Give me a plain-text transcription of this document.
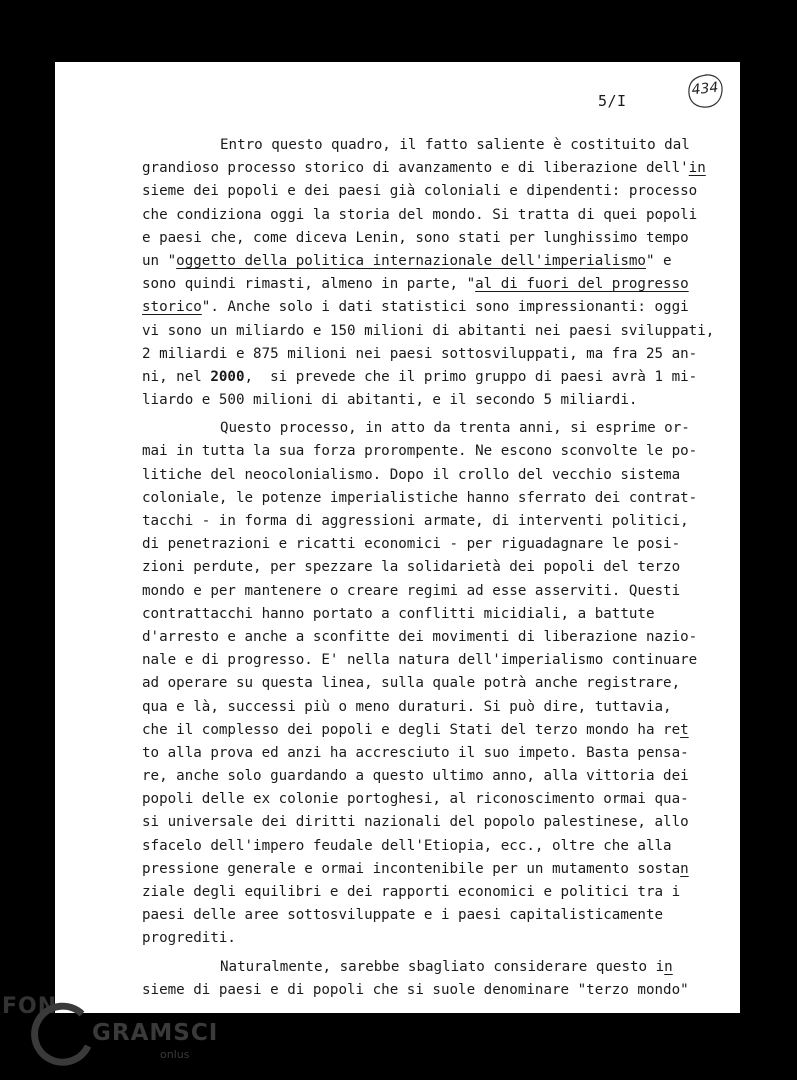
5/I
434
Entro questo quadro, il fatto saliente è costituito dal
grandioso processo storico di avanzamento e di liberazione dell'in
sieme dei popoli e dei paesi già coloniali e dipendenti: processo
che condiziona oggi la storia del mondo. Si tratta di quei popoli
e paesi che, come diceva Lenin, sono stati per lunghissimo tempo
un "oggetto della politica internazionale dell'imperialismo" e
sono quindi rimasti, almeno in parte, "al di fuori del progresso
storico". Anche solo i dati statistici sono impressionanti: oggi
vi sono un miliardo e 150 milioni di abitanti nei paesi sviluppati,
2 miliardi e 875 milioni nei paesi sottosviluppati, ma fra 25 an-
ni, nel 2000,  si prevede che il primo gruppo di paesi avrà 1 mi-
liardo e 500 milioni di abitanti, e il secondo 5 miliardi.
Questo processo, in atto da trenta anni, si esprime or-
mai in tutta la sua forza prorompente. Ne escono sconvolte le po-
litiche del neocolonialismo. Dopo il crollo del vecchio sistema
coloniale, le potenze imperialistiche hanno sferrato dei contrat-
tacchi - in forma di aggressioni armate, di interventi politici,
di penetrazioni e ricatti economici - per riguadagnare le posi-
zioni perdute, per spezzare la solidarietà dei popoli del terzo
mondo e per mantenere o creare regimi ad esse asserviti. Questi
contrattacchi hanno portato a conflitti micidiali, a battute
d'arresto e anche a sconfitte dei movimenti di liberazione nazio-
nale e di progresso. E' nella natura dell'imperialismo continuare
ad operare su questa linea, sulla quale potrà anche registrare,
qua e là, successi più o meno duraturi. Si può dire, tuttavia,
che il complesso dei popoli e degli Stati del terzo mondo ha ret
to alla prova ed anzi ha accresciuto il suo impeto. Basta pensa-
re, anche solo guardando a questo ultimo anno, alla vittoria dei
popoli delle ex colonie portoghesi, al riconoscimento ormai qua-
si universale dei diritti nazionali del popolo palestinese, allo
sfacelo dell'impero feudale dell'Etiopia, ecc., oltre che alla
pressione generale e ormai incontenibile per un mutamento sostan
ziale degli equilibri e dei rapporti economici e politici tra i
paesi delle aree sottosviluppate e i paesi capitalisticamente
progrediti.
Naturalmente, sarebbe sbagliato considerare questo in
sieme di paesi e di popoli che si suole denominare "terzo mondo"
FON
GRAMSCI
onlus
